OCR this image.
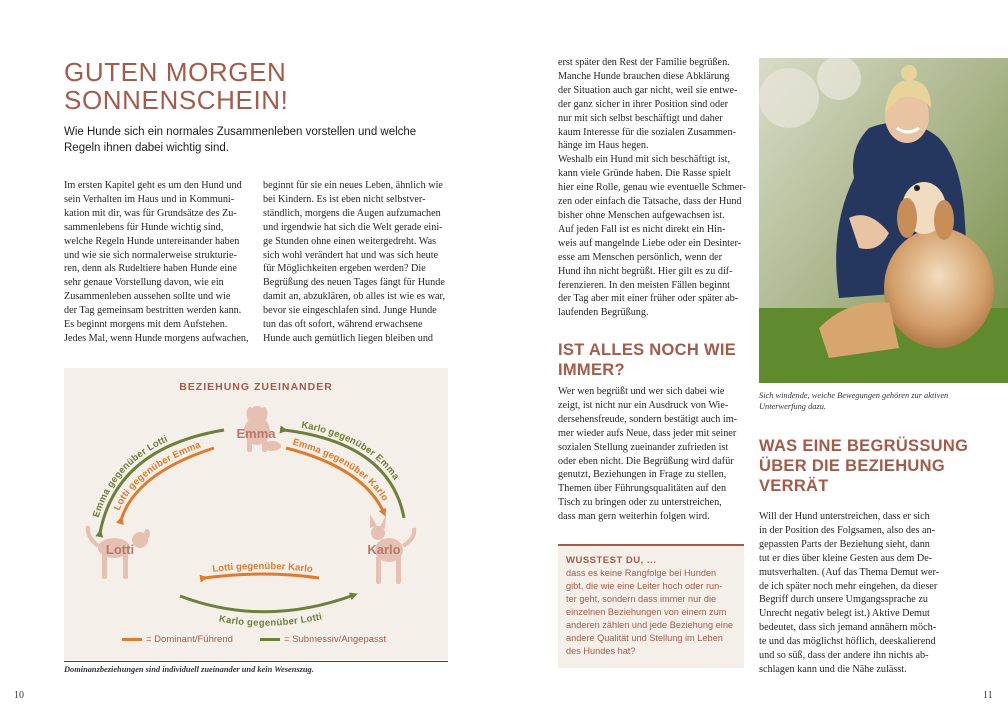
GUTEN MORGEN
SONNENSCHEIN!

Wie Hunde sich ein normales Zusammenleben vorstellen und welche Regeln ihnen dabei wichtig sind.

Im ersten Kapitel geht es um den Hund und

sein Verhalten im Haus und in Kommuni-

kation mit dir, was für Grundsätze des Zu-

sammenlebens für Hunde wichtig sind,

welche Regeln Hunde untereinander haben

und wie sie sich normalerweise strukturie-

ren, denn als Rudeltiere haben Hunde eine

sehr genaue Vorstellung davon, wie ein

Zusammenleben aussehen sollte und wie

der Tag gemeinsam bestritten werden kann.

Es beginnt morgens mit dem Aufstehen.

Jedes Mal, wenn Hunde morgens aufwachen,

beginnt für sie ein neues Leben, ähnlich wie

bei Kindern. Es ist eben nicht selbstver-

ständlich, morgens die Augen aufzumachen

und irgendwie hat sich die Welt gerade eini-

ge Stunden ohne einen weitergedreht. Was

sich wohl verändert hat und was sich heute

für Möglichkeiten ergeben werden? Die

Begrüßung des neuen Tages fängt für Hunde

damit an, abzuklären, ob alles ist wie es war,

bevor sie eingeschlafen sind. Junge Hunde

tun das oft sofort, während erwachsene

Hunde auch gemütlich liegen bleiben und

BEZIEHUNG ZUEINANDER
Emma
Lotti	Karlo
Emma gegenüber Lotti
Lotti gegenüber Emma
Karlo gegenüber Emma
Emma gegenüber Karlo
Lotti gegenüber Karlo
Karlo gegenüber Lotti
= Dominant/Führend	= Submessiv/Angepasst

Dominanzbeziehungen sind individuell zueinander und kein Wesenszug.

10

erst später den Rest der Familie begrüßen.

Manche Hunde brauchen diese Abklärung

der Situation auch gar nicht, weil sie entwe-

der ganz sicher in ihrer Position sind oder

nur mit sich selbst beschäftigt und daher

kaum Interesse für die sozialen Zusammen-

hänge im Haus hegen.

Weshalb ein Hund mit sich beschäftigt ist,

kann viele Gründe haben. Die Rasse spielt

hier eine Rolle, genau wie eventuelle Schmer-

zen oder einfach die Tatsache, dass der Hund

bisher ohne Menschen aufgewachsen ist.

Auf jeden Fall ist es nicht direkt ein Hin-

weis auf mangelnde Liebe oder ein Desinter-

esse am Menschen persönlich, wenn der

Hund ihn nicht begrüßt. Hier gilt es zu dif-

ferenzieren. In den meisten Fällen beginnt

der Tag aber mit einer früher oder später ab-

laufenden Begrüßung.

IST ALLES NOCH WIE
IMMER?

Wer wen begrüßt und wer sich dabei wie

zeigt, ist nicht nur ein Ausdruck von Wie-

dersehensfreude, sondern bestätigt auch im-

mer wieder aufs Neue, dass jeder mit seiner

sozialen Stellung zueinander zufrieden ist

oder eben nicht. Die Begrüßung wird dafür

genutzt, Beziehungen in Frage zu stellen,

Themen über Führungsqualitäten auf den

Tisch zu bringen oder zu unterstreichen,

dass man gern weiterhin folgen wird.

WUSSTEST DU, ...

dass es keine Rangfolge bei Hunden

gibt, die wie eine Leiter hoch oder run-

ter geht, sondern dass immer nur die

einzelnen Beziehungen von einem zum

anderen zählen und jede Beziehung eine

andere Qualität und Stellung im Leben

des Hundes hat?

Sich windende, weiche Bewegungen gehören zur aktiven
Unterwerfung dazu.

WAS EINE BEGRÜSSUNG
ÜBER DIE BEZIEHUNG
VERRÄT

Will der Hund unterstreichen, dass er sich

in der Position des Folgsamen, also des an-

gepassten Parts der Beziehung sieht, dann

tut er dies über kleine Gesten aus dem De-

mutsverhalten. (Auf das Thema Demut wer-

de ich später noch mehr eingehen, da dieser

Begriff durch unsere Umgangssprache zu

Unrecht negativ belegt ist.) Aktive Demut

bedeutet, dass sich jemand annähern möch-

te und das möglichst höflich, deeskalierend

und so süß, dass der andere ihn nichts ab-

schlagen kann und die Nähe zulässt.

11
